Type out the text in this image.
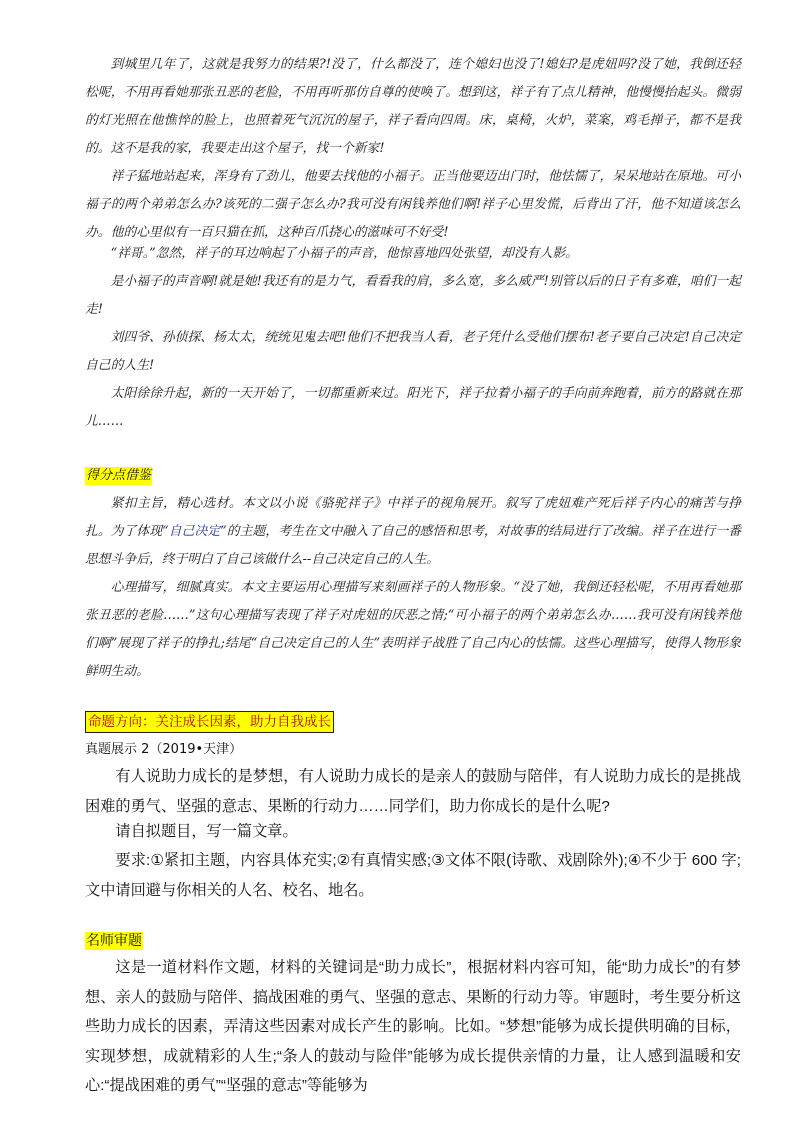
到城里几年了，这就是我努力的结果?!没了，什么都没了，连个媳妇也没了!媳妇?是虎妞吗?没了她，我倒还轻松呢，不用再看她那张丑恶的老脸，不用再听那仿自尊的使唤了。想到这，祥子有了点儿精神，他慢慢抬起头。微弱的灯光照在他憔悴的脸上，也照着死气沉沉的屋子，祥子看向四周。床，桌椅，火炉，菜案，鸡毛掸子，都不是我的。这不是我的家，我要走出这个屋子，找一个新家!

祥子猛地站起来，浑身有了劲儿，他要去找他的小福子。正当他要迈出门时，他怯懦了，呆呆地站在原地。可小福子的两个弟弟怎么办?该死的二强子怎么办?我可没有闲钱养他们啊!祥子心里发慌，后背出了汗，他不知道该怎么办。他的心里似有一百只猫在抓，这种百爪挠心的滋味可不好受!

“祥哥。”忽然，祥子的耳边响起了小福子的声音，他惊喜地四处张望，却没有人影。

是小福子的声音啊!就是她!我还有的是力气，看看我的肩，多么宽，多么威严!别管以后的日子有多难，咱们一起走!

刘四爷、孙侦探、杨太太，统统见鬼去吧!他们不把我当人看，老子凭什么受他们摆布!老子要自己决定!自己决定自己的人生!

太阳徐徐升起，新的一天开始了，一切都重新来过。阳光下，祥子拉着小福子的手向前奔跑着，前方的路就在那儿……

得分点借鉴

紧扣主旨，精心选材。本文以小说《骆驼祥子》中祥子的视角展开。叙写了虎妞难产死后祥子内心的痛苦与挣扎。为了体现“自己决定”的主题，考生在文中融入了自己的感悟和思考，对故事的结局进行了改编。祥子在进行一番思想斗争后，终于明白了自己该做什么--自己决定自己的人生。

心理描写，细腻真实。本文主要运用心理描写来刻画祥子的人物形象。“没了她，我倒还轻松呢，不用再看她那张丑恶的老脸……”这句心理描写表现了祥子对虎妞的厌恶之情;“可小福子的两个弟弟怎么办……我可没有闲钱养他们啊”展现了祥子的挣扎;结尾“自己决定自己的人生”表明祥子战胜了自己内心的怯懦。这些心理描写，使得人物形象鲜明生动。

命题方向：关注成长因素，助力自我成长
真题展示 2（2019•天津）

有人说助力成长的是梦想，有人说助力成长的是亲人的鼓励与陪伴，有人说助力成长的是挑战困难的勇气、坚强的意志、果断的行动力……同学们，助力你成长的是什么呢?

请自拟题目，写一篇文章。

要求:①紧扣主题，内容具体充实;②有真情实感;③文体不限(诗歌、戏剧除外);④不少于 600 字;文中请回避与你相关的人名、校名、地名。

名师审题

这是一道材料作文题，材料的关键词是“助力成长”，根据材料内容可知，能“助力成长”的有梦想、亲人的鼓励与陪伴、搞战困难的勇气、坚强的意志、果断的行动力等。审题时，考生要分析这些助力成长的因素，弄清这些因素对成长产生的影响。比如。“梦想”能够为成长提供明确的目标，实现梦想，成就精彩的人生;“条人的鼓动与险伴”能够为成长提供亲情的力量，让人感到温暖和安心:“提战困难的勇气”“坚强的意志”等能够为
